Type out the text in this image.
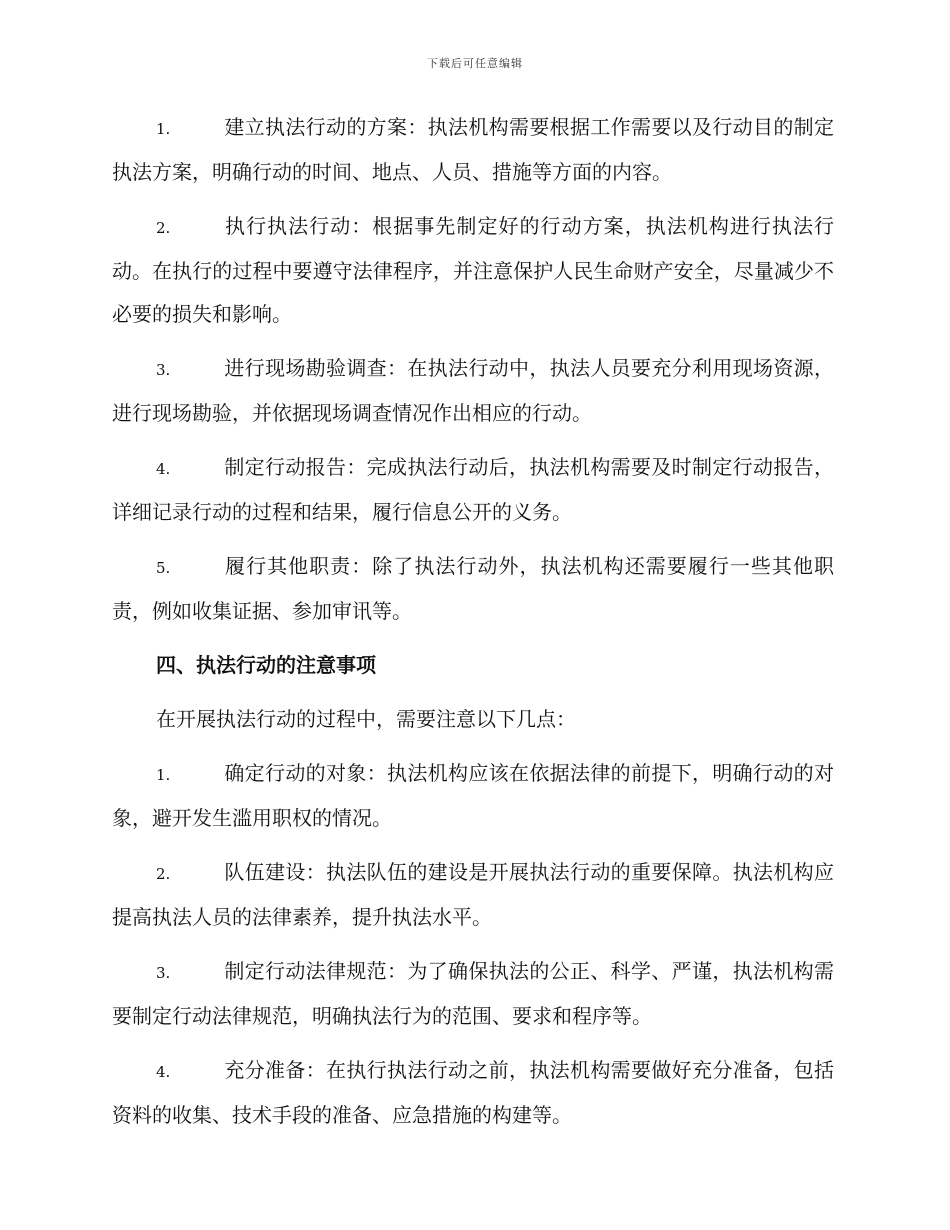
下载后可任意编辑

1.	建立执法行动的方案：执法机构需要根据工作需要以及行动目的制定执法方案，明确行动的时间、地点、人员、措施等方面的内容。

2.	执行执法行动：根据事先制定好的行动方案，执法机构进行执法行动。在执行的过程中要遵守法律程序，并注意保护人民生命财产安全，尽量减少不必要的损失和影响。

3.	进行现场勘验调查：在执法行动中，执法人员要充分利用现场资源，进行现场勘验，并依据现场调查情况作出相应的行动。

4.	制定行动报告：完成执法行动后，执法机构需要及时制定行动报告，详细记录行动的过程和结果，履行信息公开的义务。

5.	履行其他职责：除了执法行动外，执法机构还需要履行一些其他职责，例如收集证据、参加审讯等。

四、执法行动的注意事项

在开展执法行动的过程中，需要注意以下几点：

1.	确定行动的对象：执法机构应该在依据法律的前提下，明确行动的对象，避开发生滥用职权的情况。

2.	队伍建设：执法队伍的建设是开展执法行动的重要保障。执法机构应提高执法人员的法律素养，提升执法水平。

3.	制定行动法律规范：为了确保执法的公正、科学、严谨，执法机构需要制定行动法律规范，明确执法行为的范围、要求和程序等。

4.	充分准备：在执行执法行动之前，执法机构需要做好充分准备，包括资料的收集、技术手段的准备、应急措施的构建等。
